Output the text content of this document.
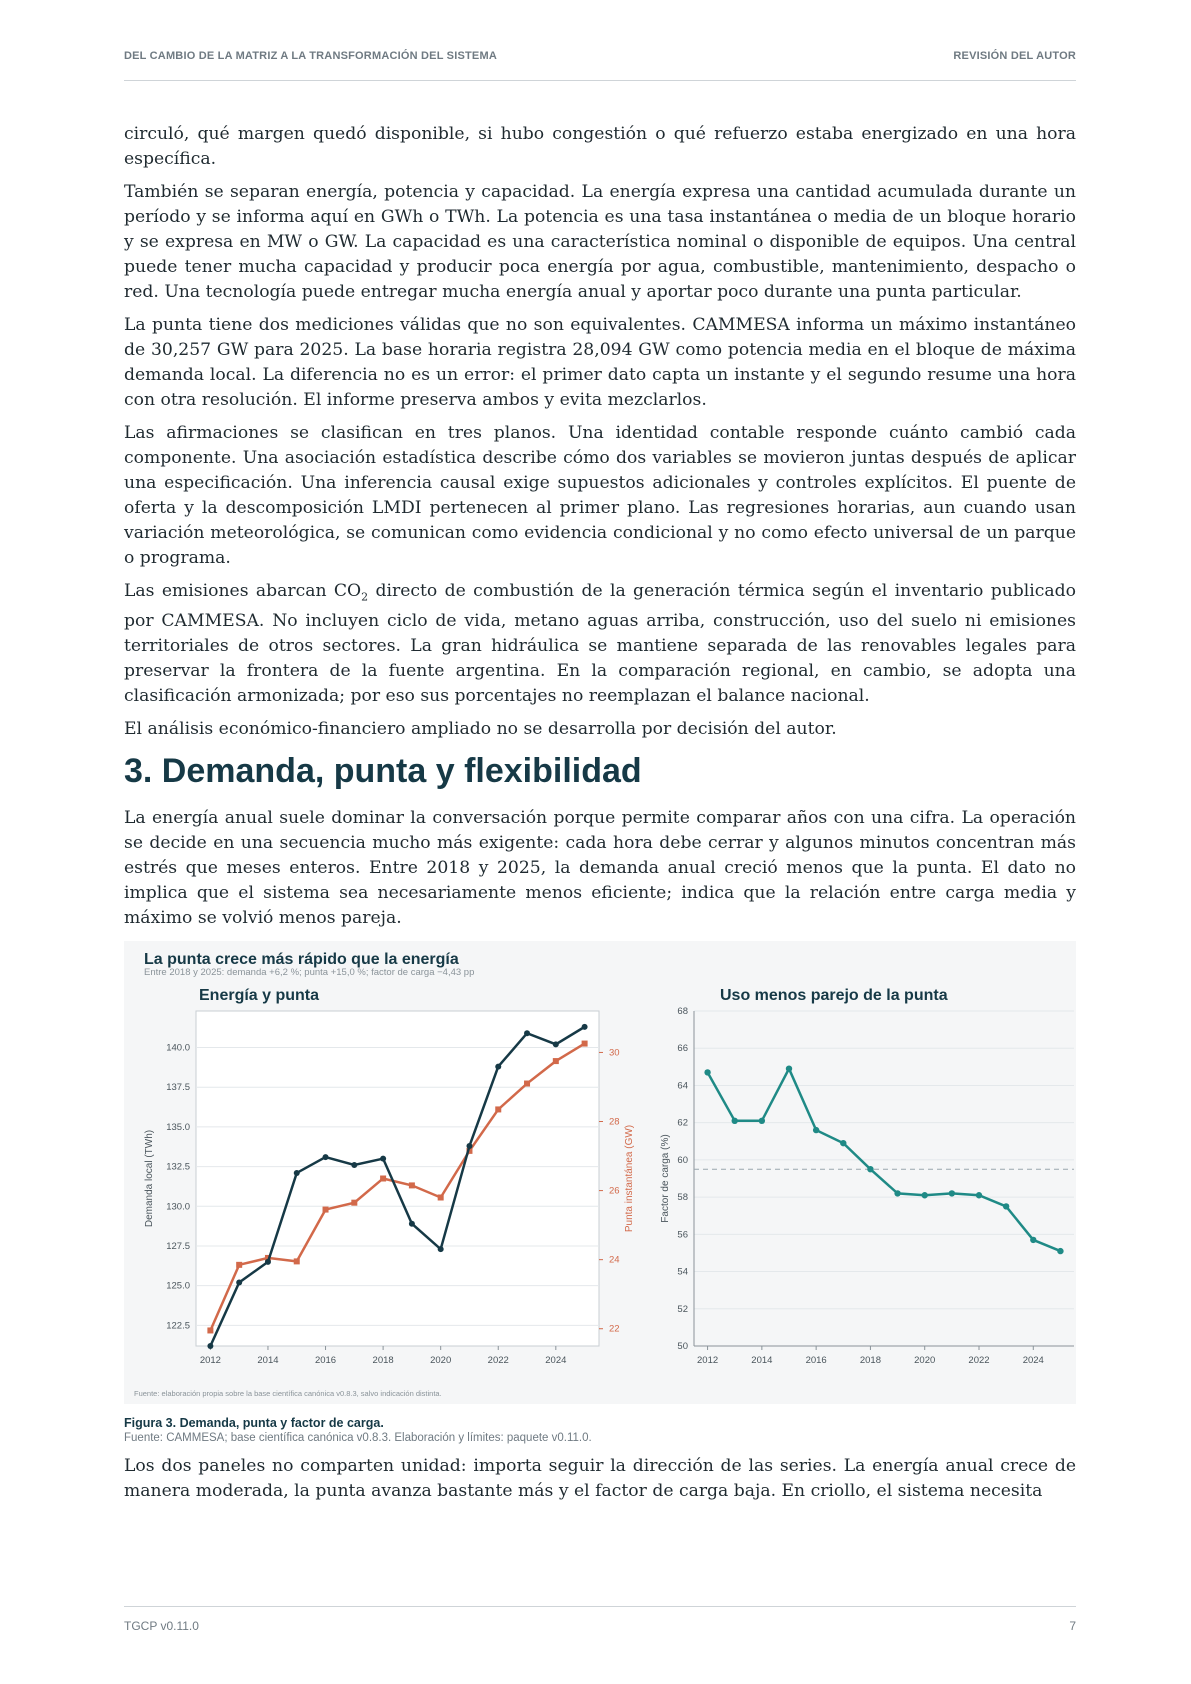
DEL CAMBIO DE LA MATRIZ A LA TRANSFORMACIÓN DEL SISTEMA	REVISIÓN DEL AUTOR

circuló, qué margen quedó disponible, si hubo congestión o qué refuerzo estaba energizado en una hora específica.

También se separan energía, potencia y capacidad. La energía expresa una cantidad acumulada durante un período y se informa aquí en GWh o TWh. La potencia es una tasa instantánea o media de un bloque horario y se expresa en MW o GW. La capacidad es una característica nominal o disponible de equipos. Una central puede tener mucha capacidad y producir poca energía por agua, combustible, mantenimiento, despacho o red. Una tecnología puede entregar mucha energía anual y aportar poco durante una punta particular.

La punta tiene dos mediciones válidas que no son equivalentes. CAMMESA informa un máximo instantáneo de 30,257 GW para 2025. La base horaria registra 28,094 GW como potencia media en el bloque de máxima demanda local. La diferencia no es un error: el primer dato capta un instante y el segundo resume una hora con otra resolución. El informe preserva ambos y evita mezclarlos.

Las afirmaciones se clasifican en tres planos. Una identidad contable responde cuánto cambió cada componente. Una asociación estadística describe cómo dos variables se movieron juntas después de aplicar una especificación. Una inferencia causal exige supuestos adicionales y controles explícitos. El puente de oferta y la descomposición LMDI pertenecen al primer plano. Las regresiones horarias, aun cuando usan variación meteorológica, se comunican como evidencia condicional y no como efecto universal de un parque o programa.

Las emisiones abarcan $CO_2$ directo de combustión de la generación térmica según el inventario publicado por CAMMESA. No incluyen ciclo de vida, metano aguas arriba, construcción, uso del suelo ni emisiones territoriales de otros sectores. La gran hidráulica se mantiene separada de las renovables legales para preservar la frontera de la fuente argentina. En la comparación regional, en cambio, se adopta una clasificación armonizada; por eso sus porcentajes no reemplazan el balance nacional.

El análisis económico-financiero ampliado no se desarrolla por decisión del autor.

3. Demanda, punta y flexibilidad

La energía anual suele dominar la conversación porque permite comparar años con una cifra. La operación se decide en una secuencia mucho más exigente: cada hora debe cerrar y algunos minutos concentran más estrés que meses enteros. Entre 2018 y 2025, la demanda anual creció menos que la punta. El dato no implica que el sistema sea necesariamente menos eficiente; indica que la relación entre carga media y máximo se volvió menos pareja.

122.5
125.0
127.5
130.0
132.5
135.0
137.5
140.0
2012	2014	2016	2018	2020	2022	2024
22
24
26
28
30
Demanda local (TWh)	Punta instantánea (GW)
50
52
54
56
58
60
62
64
66
68
2012	2014	2016	2018	2020	2022	2024
Factor de carga (%)
La punta crece más rápido que la energía
Entre 2018 y 2025: demanda +6,2 %; punta +15,0 %; factor de carga −4,43 pp
Energía y punta	Uso menos parejo de la punta
Fuente: elaboración propia sobre la base científica canónica v0.8.3, salvo indicación distinta.
Figura 3. Demanda, punta y factor de carga.
Fuente: CAMMESA; base científica canónica v0.8.3. Elaboración y límites: paquete v0.11.0.

Los dos paneles no comparten unidad: importa seguir la dirección de las series. La energía anual crece de manera moderada, la punta avanza bastante más y el factor de carga baja. En criollo, el sistema necesita

TGCP v0.11.0	7
